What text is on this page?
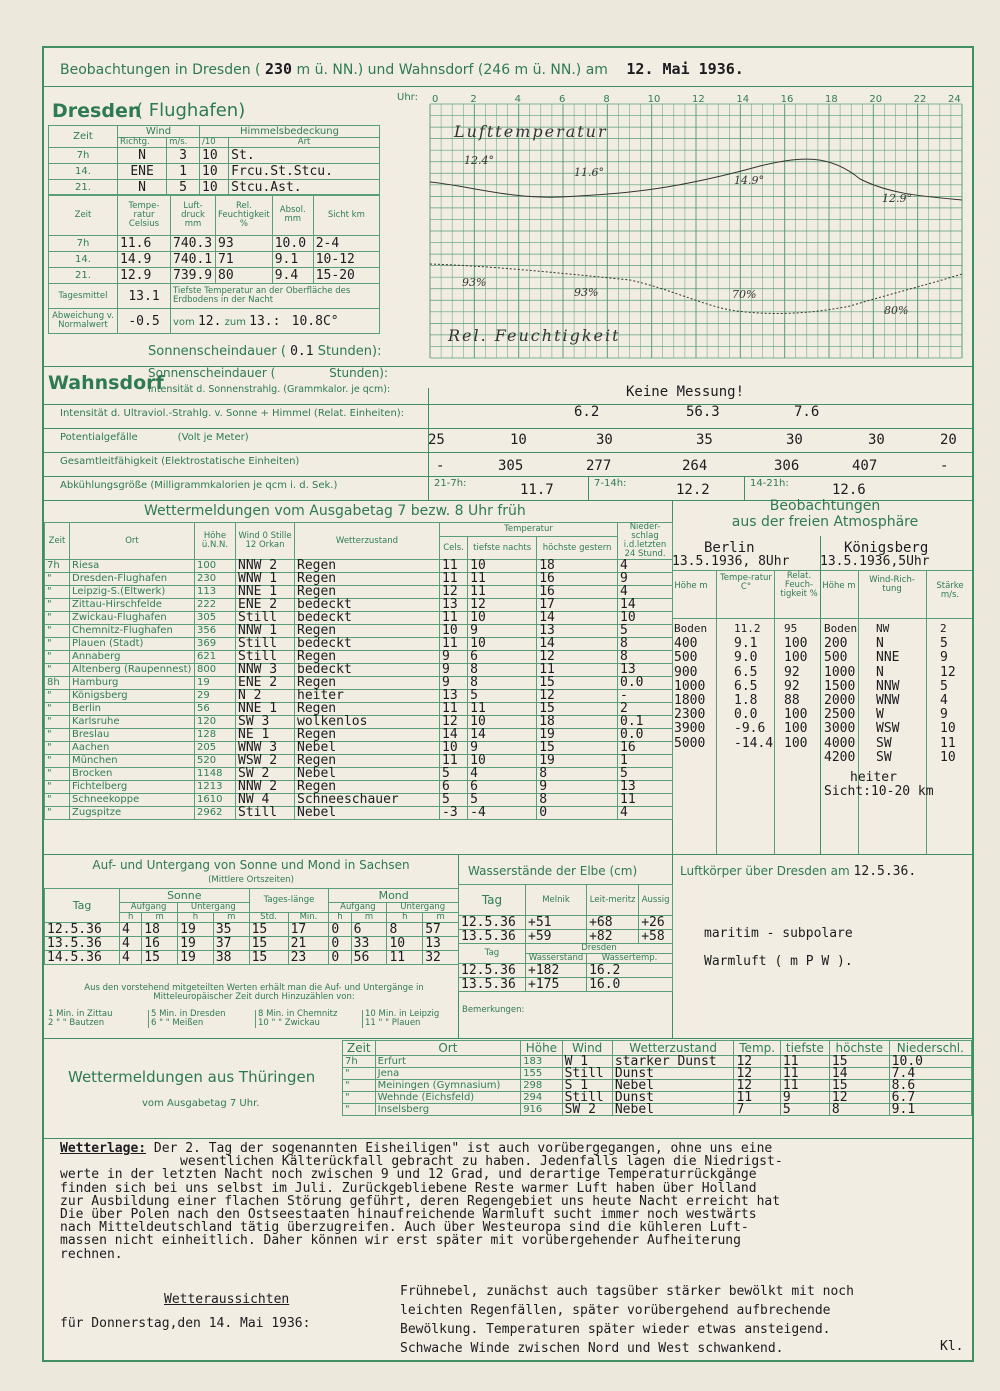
Beobachtungen in Dresden ( 230 m ü. NN.) und Wahnsdorf (246 m ü. NN.) am 12. Mai 1936.
Dresden
( Flughafen)
Zeit	Wind		Himmelsbedeckung	
	Richtg.	m/s.	/10	Art
7h	N	3	10	St.
14.	ENE	1	10	Frcu.St.Stcu.
21.	N	5	10	Stcu.Ast.
Zeit	Tempe-ratur Celsius	Luft-druck mm	Rel. Feuchtigkeit %	Absol. mm	Sicht km
7h	11.6	740.3	93	10.0	2-4
14.	14.9	740.1	71	9.1	10-12
21.	12.9	739.9	80	9.4	15-20
Tagesmittel	13.1	Tiefste Temperatur an der Oberfläche des Erdbodens in der Nacht			
Abweichung v. Normalwert	-0.5	vom 12. zum 13.: 10.8C°			
Sonnenscheindauer ( 0.1 Stunden):
Uhr: 0	2	4	6	8	10	12	14	16	18	20	22 24
Lufttemperatur
12.4°
11.6°
14.9°
12.9°
93%
93%	70%
80%
Rel. Feuchtigkeit
Wahnsdorf
Sonnenscheindauer (	Stunden):
Intensität d. Sonnenstrahlg. (Grammkalor. je qcm):	Keine Messung!
Intensität d. Ultraviol.-Strahlg. v. Sonne + Himmel (Relat. Einheiten):	6.2	56.3	7.6
Potentialgefälle	(Volt je Meter)	25	10	30	35	30	30	20
Gesamtleitfähigkeit (Elektrostatische Einheiten)	-	305	277	264	306	407	-
Abkühlungsgröße (Milligrammkalorien je qcm i. d. Sek.)	21-7h:	11.7	7-14h:	12.2	14-21h:	12.6
Wettermeldungen vom Ausgabetag 7 bezw. 8 Uhr früh
Zeit	Ort	Höhe ü.N.N.	Wind 0 Stille 12 Orkan	Wetterzustand	Temperatur			Nieder-schlag i.d.letzten 24 Stund.
					Cels.	tiefste nachts	höchste gestern	
7h	Riesa	100	NNW 2	Regen	11	10	18	4
"	Dresden-Flughafen	230	WNW 1	Regen	11	11	16	9
"	Leipzig-S.(Eltwerk)	113	NNE 1	Regen	12	11	16	4
"	Zittau-Hirschfelde	222	ENE 2	bedeckt	13	12	17	14
"	Zwickau-Flughafen	305	Still	bedeckt	11	10	14	10
"	Chemnitz-Flughafen	356	NNW 1	Regen	10	9	13	5
"	Plauen (Stadt)	369	Still	bedeckt	11	10	14	8
"	Annaberg	621	Still	Regen	9	6	12	8
"	Altenberg (Raupennest)	800	NNW 3	bedeckt	9	8	11	13
8h	Hamburg	19	ENE 2	Regen	9	8	15	0.0
"	Königsberg	29	N 2	heiter	13	5	12	-
"	Berlin	56	NNE 1	Regen	11	11	15	2
"	Karlsruhe	120	SW 3	wolkenlos	12	10	18	0.1
"	Breslau	128	NE 1	Regen	14	14	19	0.0
"	Aachen	205	WNW 3	Nebel	10	9	15	16
"	München	520	WSW 2	Regen	11	10	19	1
"	Brocken	1148	SW 2	Nebel	5	4	8	5
"	Fichtelberg	1213	NNW 2	Regen	6	6	9	13
"	Schneekoppe	1610	NW 4	Schneeschauer	5	5	8	11
"	Zugspitze	2962	Still	Nebel	-3	-4	0	4
Beobachtungen
aus der freien Atmosphäre
Berlin
13.5.1936, 8Uhr
Königsberg
13.5.1936,5Uhr
Höhe m
Tempe-ratur C°
Relat. Feuch-tigkeit %
Höhe m
Wind-Rich-tung	Stärke m/s.
Boden 11.2 95
400	9.1 100
500	9.0 100
900	6.5 92
1000 6.5 92
1800 1.8 88
2300 0.0 100
3900 -9.6 100
5000 -14.4 100
Boden NW	2
200 N	5
500 NNE	9
1000 N	12
1500 NNW	5
2000 WNW	4
2500 W	9
3000 WSW	10
4000 SW	11
4200 SW	10
heiter
Sicht:10-20 km
Auf- und Untergang von Sonne und Mond in Sachsen
(Mittlere Ortszeiten)
Tag	Sonne				Tages-länge		Mond			
	Aufgang		Untergang				Aufgang		Untergang	
	h	m	h	m	Std.	Min.	h	m	h	m
12.5.36	4	18	19	35	15	17	0	6	8	57
13.5.36	4	16	19	37	15	21	0	33	10	13
14.5.36	4	15	19	38	15	23	0	56	11	32
Aus den vorstehend mitgeteilten Werten erhält man die Auf- und Untergänge in Mitteleuropäischer Zeit durch Hinzuzählen von:
1 Min. in Zittau
2 " " Bautzen
5 Min. in Dresden
6 " " Meißen
8 Min. in Chemnitz
10 " " Zwickau
10 Min. in Leipzig
11 " " Plauen
Wasserstände der Elbe (cm)
Tag	Melnik	Leit-meritz	Aussig
12.5.36	+51	+68	+26
13.5.36	+59	+82	+58
Tag	Dresden		
	Wasserstand	Wassertemp.	
12.5.36	+182	16.2	
13.5.36	+175	16.0	
Bemerkungen:
Luftkörper über Dresden am 12.5.36.
maritim - subpolare
Warmluft ( m P W ).
Wettermeldungen aus Thüringen
vom Ausgabetag 7 Uhr.
Zeit	Ort	Höhe	Wind	Wetterzustand	Temp.	tiefste	höchste	Niederschl.
7h	Erfurt	183	W 1	starker Dunst	12	11	15	10.0
"	Jena	155	Still	Dunst	12	11	14	7.4
"	Meiningen (Gymnasium)	298	S 1	Nebel	12	11	15	8.6
"	Wehnde (Eichsfeld)	294	Still	Dunst	11	9	12	6.7
"	Inselsberg	916	SW 2	Nebel	7	5	8	9.1
Wetterlage: Der 2. Tag der sogenannten Eisheiligen" ist auch vorübergegangen, ohne uns eine
wesentlichen Kälterückfall gebracht zu haben. Jedenfalls lagen die Niedrigst-
werte in der letzten Nacht noch zwischen 9 und 12 Grad, und derartige Temperaturrückgänge
finden sich bei uns selbst im Juli. Zurückgebliebene Reste warmer Luft haben über Holland
zur Ausbildung einer flachen Störung geführt, deren Regengebiet uns heute Nacht erreicht hat
Die über Polen nach den Ostseestaaten hinaufreichende Warmluft sucht immer noch westwärts
nach Mitteldeutschland tätig überzugreifen. Auch über Westeuropa sind die kühleren Luft-
massen nicht einheitlich. Daher können wir erst später mit vorübergehender Aufheiterung
rechnen.
Wetteraussichten
für Donnerstag,den 14. Mai 1936:
Frühnebel, zunächst auch tagsüber stärker bewölkt mit noch
leichten Regenfällen, später vorübergehend aufbrechende
Bewölkung. Temperaturen später wieder etwas ansteigend.
Schwache Winde zwischen Nord und West schwankend.	Kl.
